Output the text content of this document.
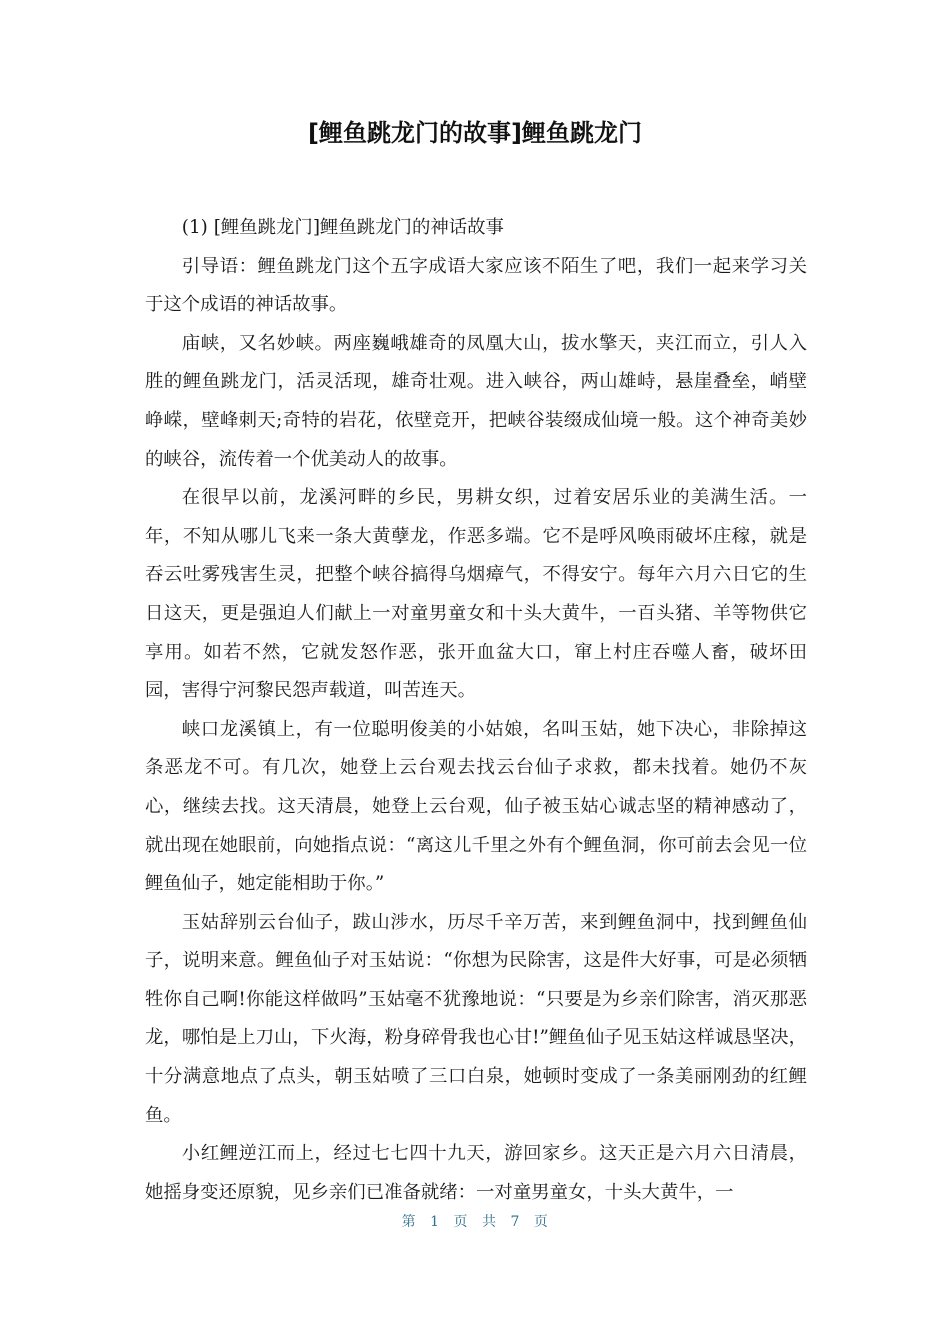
[鲤鱼跳龙门的故事]鲤鱼跳龙门

(1) [鲤鱼跳龙门]鲤鱼跳龙门的神话故事

引导语：鲤鱼跳龙门这个五字成语大家应该不陌生了吧，我们一起来学习关于这个成语的神话故事。

庙峡，又名妙峡。两座巍峨雄奇的凤凰大山，拔水擎天，夹江而立，引人入胜的鲤鱼跳龙门，活灵活现，雄奇壮观。进入峡谷，两山雄峙，悬崖叠垒，峭壁峥嵘，壁峰刺天;奇特的岩花，依壁竞开，把峡谷装缀成仙境一般。这个神奇美妙的峡谷，流传着一个优美动人的故事。

在很早以前，龙溪河畔的乡民，男耕女织，过着安居乐业的美满生活。一年，不知从哪儿飞来一条大黄孽龙，作恶多端。它不是呼风唤雨破坏庄稼，就是吞云吐雾残害生灵，把整个峡谷搞得乌烟瘴气，不得安宁。每年六月六日它的生日这天，更是强迫人们献上一对童男童女和十头大黄牛，一百头猪、羊等物供它享用。如若不然，它就发怒作恶，张开血盆大口，窜上村庄吞噬人畜，破坏田园，害得宁河黎民怨声载道，叫苦连天。

峡口龙溪镇上，有一位聪明俊美的小姑娘，名叫玉姑，她下决心，非除掉这条恶龙不可。有几次，她登上云台观去找云台仙子求救，都未找着。她仍不灰心，继续去找。这天清晨，她登上云台观，仙子被玉姑心诚志坚的精神感动了，就出现在她眼前，向她指点说：“离这儿千里之外有个鲤鱼洞，你可前去会见一位鲤鱼仙子，她定能相助于你。”

玉姑辞别云台仙子，跋山涉水，历尽千辛万苦，来到鲤鱼洞中，找到鲤鱼仙子，说明来意。鲤鱼仙子对玉姑说：“你想为民除害，这是件大好事，可是必须牺牲你自己啊!你能这样做吗”玉姑毫不犹豫地说：“只要是为乡亲们除害，消灭那恶龙，哪怕是上刀山，下火海，粉身碎骨我也心甘!”鲤鱼仙子见玉姑这样诚恳坚决，十分满意地点了点头，朝玉姑喷了三口白泉，她顿时变成了一条美丽刚劲的红鲤鱼。

小红鲤逆江而上，经过七七四十九天，游回家乡。这天正是六月六日清晨，她摇身变还原貌，见乡亲们已准备就绪：一对童男童女，十头大黄牛，一

第 1 页 共 7 页
